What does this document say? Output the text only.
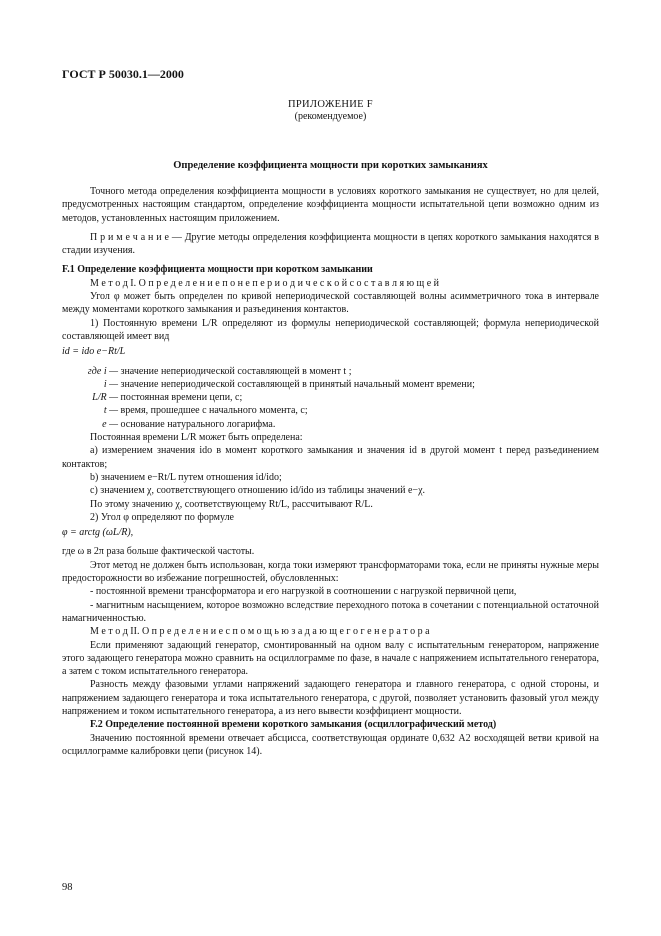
ГОСТ Р 50030.1—2000
ПРИЛОЖЕНИЕ F
(рекомендуемое)
Определение коэффициента мощности при коротких замыканиях

Точного метода определения коэффициента мощности в условиях короткого замыкания не существует, но для целей, предусмотренных настоящим стандартом, определение коэффициента мощности испытательной цепи возможно одним из методов, установленных настоящим приложением.

П р и м е ч а н и е — Другие методы определения коэффициента мощности в цепях короткого замыкания находятся в стадии изучения.

F.1 Определение коэффициента мощности при коротком замыкании

М е т о д I. О п р е д е л е н и е п о н е п е р и о д и ч е с к о й с о с т а в л я ю щ е й

Угол φ может быть определен по кривой непериодической составляющей волны асимметричного тока в интервале между моментами короткого замыкания и разъединения контактов.

1) Постоянную времени L/R определяют из формулы непериодической составляющей; формула непериодической составляющей имеет вид

id = ido e−Rt/L

где i —
значение непериодической составляющей в момент t ;

i —
значение непериодической составляющей в принятый начальный момент времени;

L/R —
постоянная времени цепи, с;

t —
время, прошедшее с начального момента, с;

e —
основание натурального логарифма.

Постоянная времени L/R может быть определена:

а) измерением значения ido в момент короткого замыкания и значения id в другой момент t перед разъединением контактов;

b) значением e−Rt/L путем отношения id/ido;

с) значением χ, соответствующего отношению id/ido из таблицы значений e−χ.

По этому значению χ, соответствующему Rt/L, рассчитывают R/L.

2) Угол φ определяют по формуле

φ = arctg (ωL/R),

где ω в 2π раза больше фактической частоты.

Этот метод не должен быть использован, когда токи измеряют трансформаторами тока, если не приняты нужные меры предосторожности во избежание погрешностей, обусловленных:

- постоянной времени трансформатора и его нагрузкой в соотношении с нагрузкой первичной цепи,

- магнитным насыщением, которое возможно вследствие переходного потока в сочетании с потенциальной остаточной намагниченностью.

М е т о д II. О п р е д е л е н и е с п о м о щ ь ю з а д а ю щ е г о г е н е р а т о р а

Если применяют задающий генератор, смонтированный на одном валу с испытательным генератором, напряжение этого задающего генератора можно сравнить на осциллограмме по фазе, в начале с напряжением испытательного генератора, а затем с током испытательного генератора.

Разность между фазовыми углами напряжений задающего генератора и главного генератора, с одной стороны, и напряжением задающего генератора и тока испытательного генератора, с другой, позволяет установить фазовый угол между напряжением и током испытательного генератора, а из него вывести коэффициент мощности.

F.2 Определение постоянной времени короткого замыкания (осциллографический метод)

Значению постоянной времени отвечает абсцисса, соответствующая ординате 0,632 A2 восходящей ветви кривой на осциллограмме калибровки цепи (рисунок 14).

98
